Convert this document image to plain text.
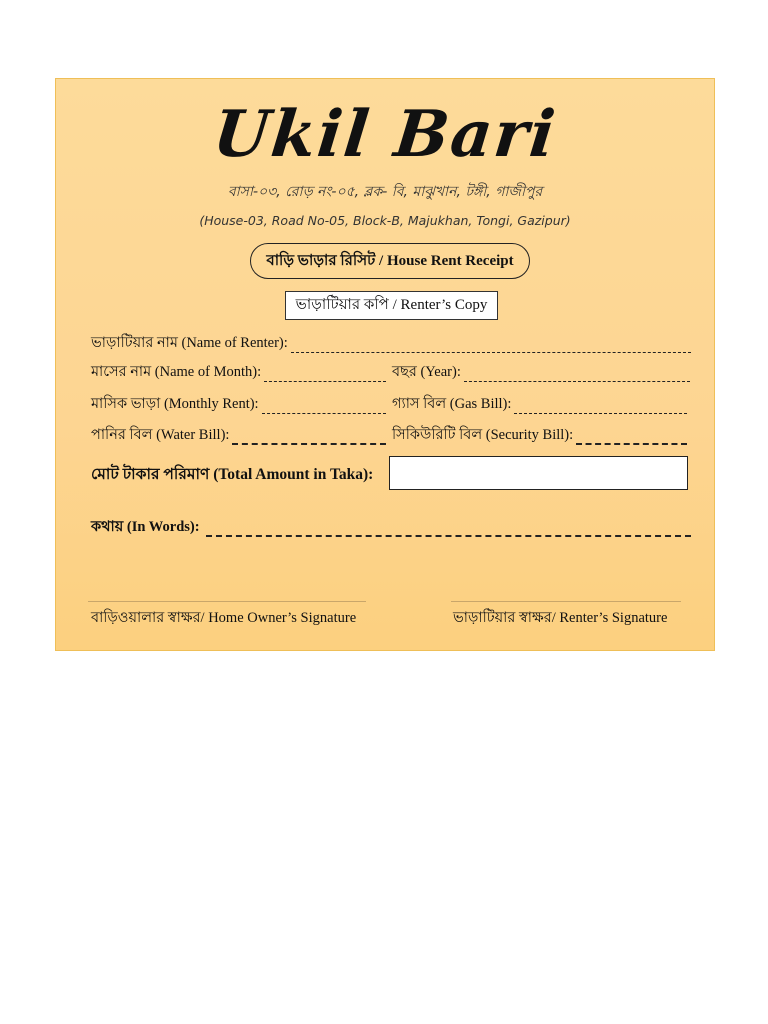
Ukil Bari
বাসা-০৩, রোড় নং-০৫, ব্লক- বি, মাঝুখান, টঙ্গী, গাজীপুর
(House-03, Road No-05, Block-B, Majukhan, Tongi, Gazipur)
বাড়ি ভাড়ার রিসিট / House Rent Receipt
ভাড়াটিয়ার কপি / Renter’s Copy
ভাড়াটিয়ার নাম (Name of Renter):
মাসের নাম (Name of Month):	বছর (Year):
মাসিক ভাড়া (Monthly Rent):	গ্যাস বিল (Gas Bill):
পানির বিল (Water Bill):	সিকিউরিটি বিল (Security Bill):
মোট টাকার পরিমাণ (Total Amount in Taka):
কথায় (In Words):
বাড়িওয়ালার স্বাক্ষর/ Home Owner’s Signature	ভাড়াটিয়ার স্বাক্ষর/ Renter’s Signature
